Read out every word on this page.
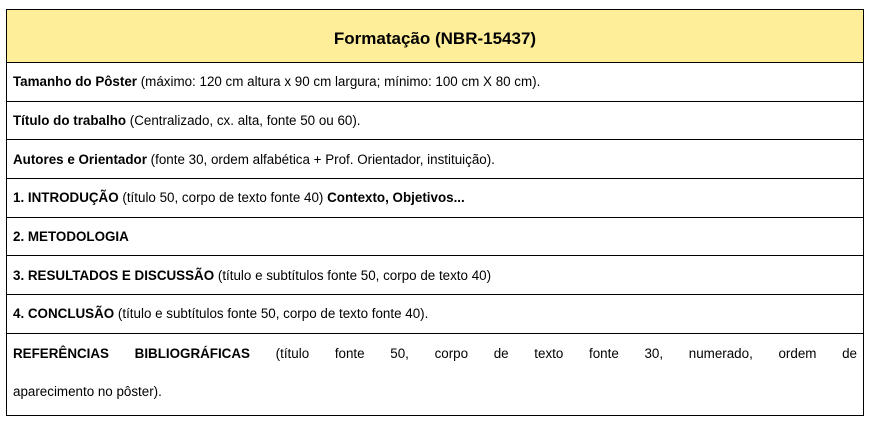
Formatação (NBR-15437)
Tamanho do Pôster (máximo: 120 cm altura x 90 cm largura; mínimo: 100 cm X 80 cm).
Título do trabalho (Centralizado, cx. alta, fonte 50 ou 60).
Autores e Orientador (fonte 30, ordem alfabética + Prof. Orientador, instituição).
1. INTRODUÇÃO (título 50, corpo de texto fonte 40) Contexto, Objetivos...
2. METODOLOGIA
3. RESULTADOS E DISCUSSÃO (título e subtítulos fonte 50, corpo de texto 40)
4. CONCLUSÃO (título e subtítulos fonte 50, corpo de texto fonte 40).
REFERÊNCIAS BIBLIOGRÁFICAS (título fonte 50, corpo de texto fonte 30, numerado, ordem de
aparecimento no pôster).
